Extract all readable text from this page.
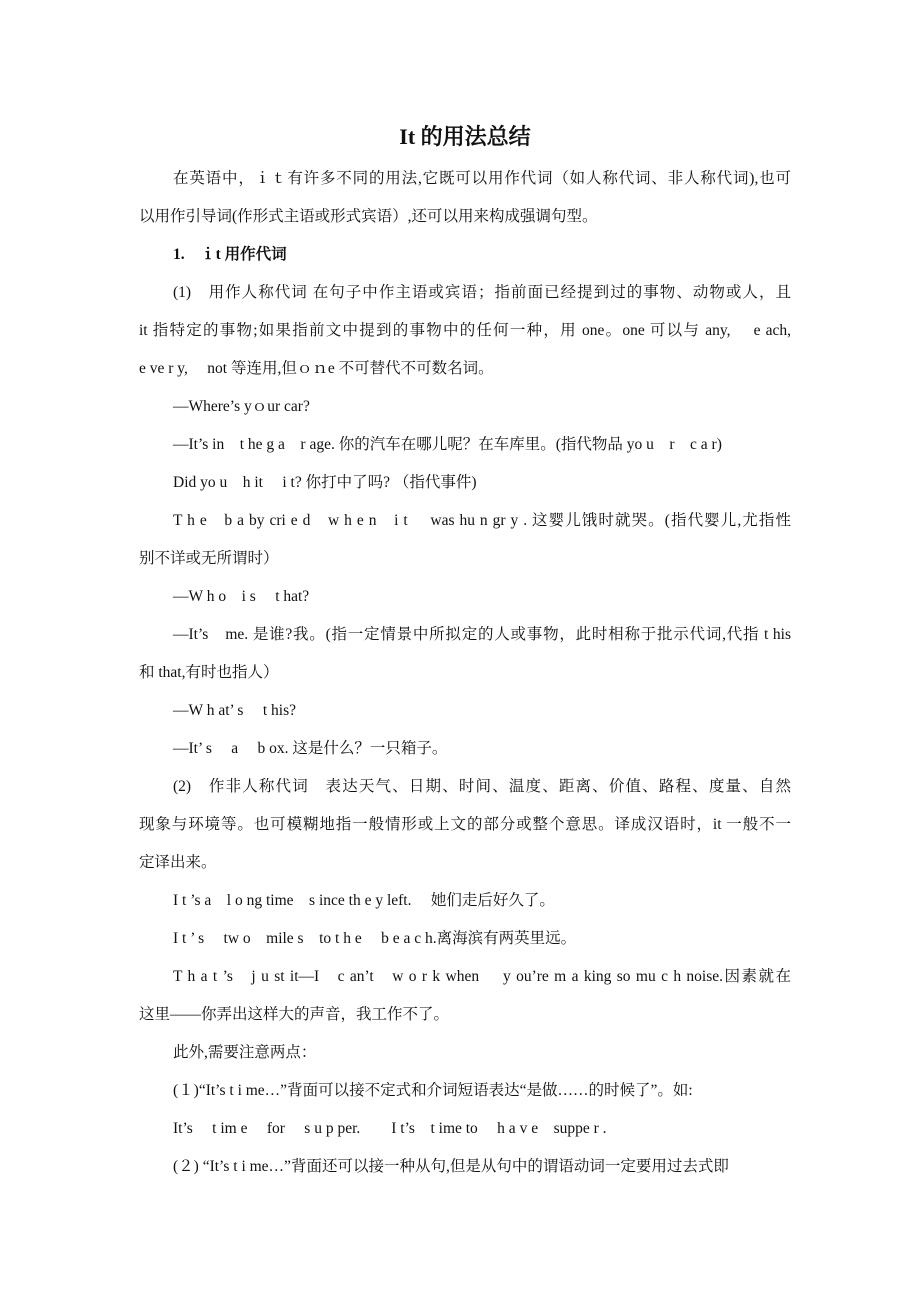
It 的用法总结
在英语中，ｉｔ有许多不同的用法,它既可以用作代词（如人称代词、非人称代词),也可
以用作引导词(作形式主语或形式宾语）,还可以用来构成强调句型。
1.　ｉt 用作代词
(1)　用作人称代词 在句子中作主语或宾语；指前面已经提到过的事物、动物或人，且
it 指特定的事物;如果指前文中提到的事物中的任何一种，用 one。one 可以与 any,　 e ach,
e ve r y,　 not 等连用,但ｏｎe 不可替代不可数名词。
—Where’s yｏur car?
—It’s in　t he g a　r age. 你的汽车在哪儿呢？在车库里。(指代物品 yo u　r　c a r)
Did yo u　h it　 i t? 你打中了吗? （指代事件)
T h e　b a by cri e d　w h e n　i t　 was hu n gr y . 这婴儿饿时就哭。(指代婴儿,尤指性
别不详或无所谓时）
—W h o　i s　 t hat?
—It’s　me. 是谁?我。(指一定情景中所拟定的人或事物，此时相称于批示代词,代指 t his
和 that,有时也指人）
—W h at’ s　 t his?
—It’ s　 a　 b ox. 这是什么？一只箱子。
(2)　作非人称代词　表达天气、日期、时间、温度、距离、价值、路程、度量、自然
现象与环境等。也可模糊地指一般情形或上文的部分或整个意思。译成汉语时，it 一般不一
定译出来。
I t ’s a　l o ng time　s ince th e y left.　 她们走后好久了。
I t ’ s　 tw o　mile s　to t h e　 b e a c h.离海滨有两英里远。
T h a t ’s　j u st it—I　c an’t　w o r k when　 y ou’re m a king so mu c h noise.因素就在
这里——你弄出这样大的声音，我工作不了。
此外,需要注意两点：
(１)“It’s t i me…”背面可以接不定式和介词短语表达“是做……的时候了”。如:
It’s　 t im e　 for　 s u p per.　　I t’s　t ime to　 h a v e　suppe r .
(２) “It’s t i me…”背面还可以接一种从句,但是从句中的谓语动词一定要用过去式即
